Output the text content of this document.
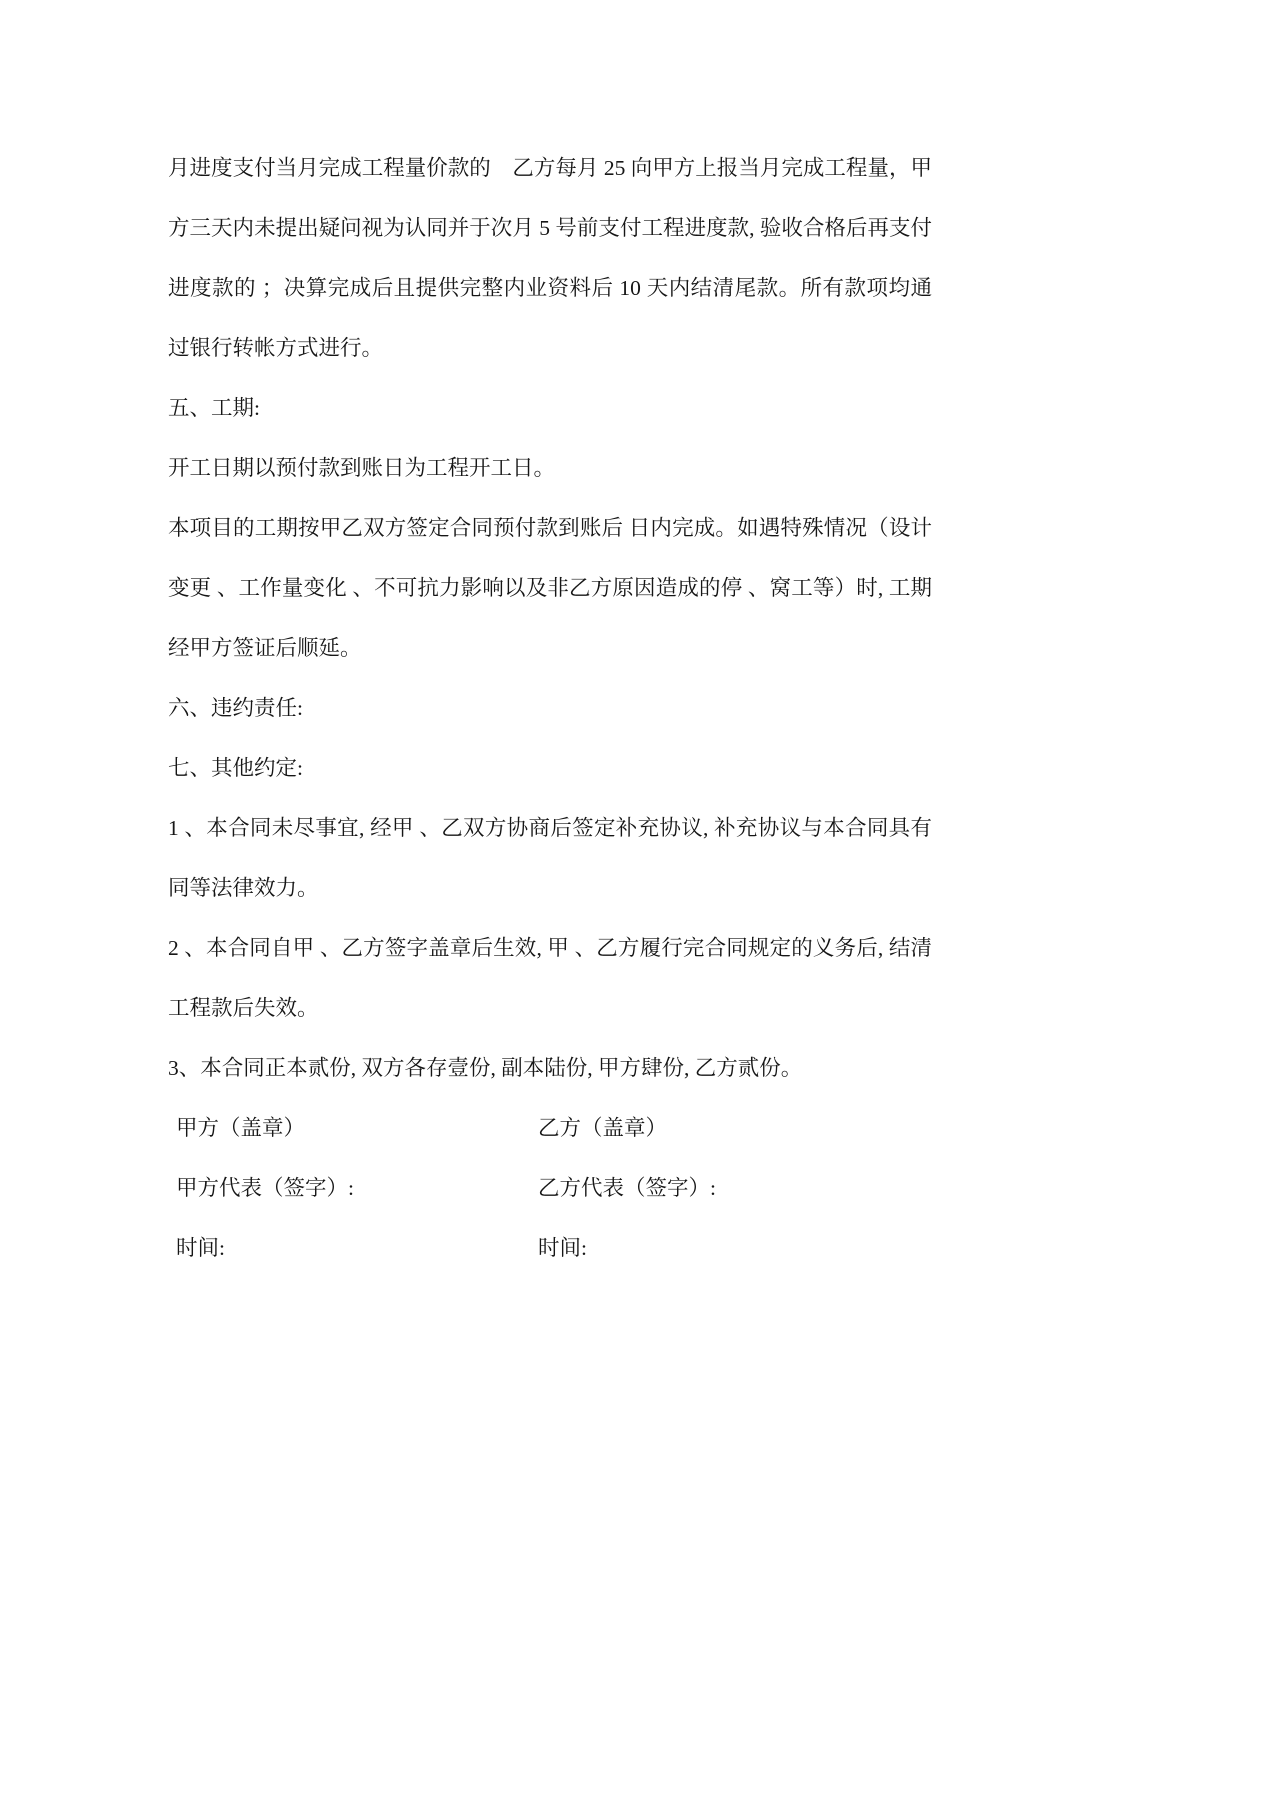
月进度支付当月完成工程量价款的　乙方每月 25 向甲方上报当月完成工程量，甲方三天内未提出疑问视为认同并于次月 5 号前支付工程进度款, 验收合格后再支付进度款的 ；决算完成后且提供完整内业资料后 10 天内结清尾款。所有款项均通过银行转帐方式进行。

五、工期:

开工日期以预付款到账日为工程开工日。

本项目的工期按甲乙双方签定合同预付款到账后 日内完成。如遇特殊情况（设计变更 、工作量变化 、不可抗力影响以及非乙方原因造成的停 、窝工等）时, 工期经甲方签证后顺延。

六、违约责任:

七、其他约定:

1 、本合同未尽事宜, 经甲 、乙双方协商后签定补充协议, 补充协议与本合同具有同等法律效力。

2 、本合同自甲 、乙方签字盖章后生效, 甲 、乙方履行完合同规定的义务后, 结清工程款后失效。

3、本合同正本贰份, 双方各存壹份, 副本陆份, 甲方肆份, 乙方贰份。

甲方（盖章）	乙方（盖章）
甲方代表（签字）:	乙方代表（签字）:
时间:	时间:
